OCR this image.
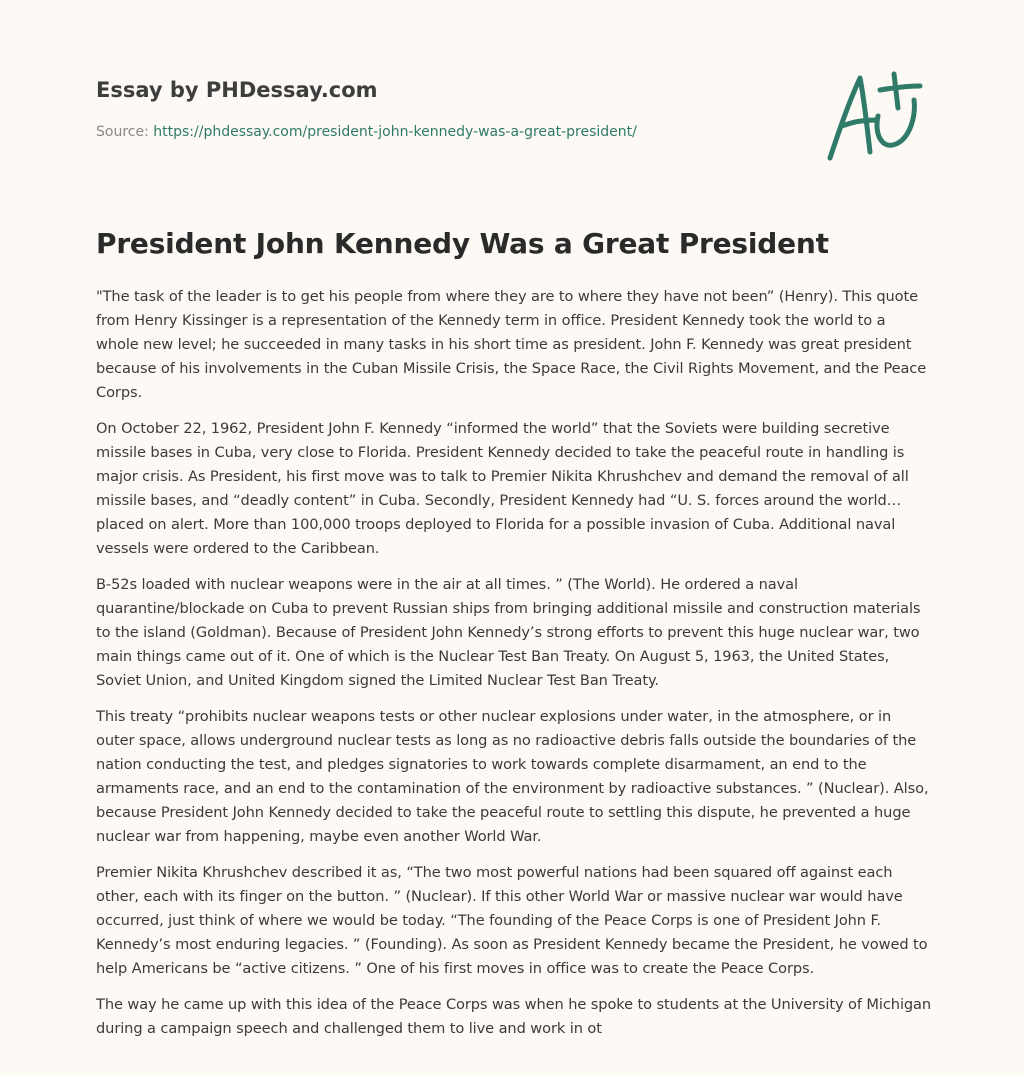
Essay by PHDessay.com
Source: https://phdessay.com/president-john-kennedy-was-a-great-president/
President John Kennedy Was a Great President

"The task of the leader is to get his people from where they are to where they have not been” (Henry). This quote from Henry Kissinger is a representation of the Kennedy term in office. President Kennedy took the world to a whole new level; he succeeded in many tasks in his short time as president. John F. Kennedy was great president because of his involvements in the Cuban Missile Crisis, the Space Race, the Civil Rights Movement, and the Peace Corps.

On October 22, 1962, President John F. Kennedy “informed the world” that the Soviets were building secretive missile bases in Cuba, very close to Florida. President Kennedy decided to take the peaceful route in handling is major crisis. As President, his first move was to talk to Premier Nikita Khrushchev and demand the removal of all missile bases, and “deadly content” in Cuba. Secondly, President Kennedy had “U. S. forces around the world… placed on alert. More than 100,000 troops deployed to Florida for a possible invasion of Cuba. Additional naval vessels were ordered to the Caribbean.

B-52s loaded with nuclear weapons were in the air at all times. ” (The World). He ordered a naval quarantine/blockade on Cuba to prevent Russian ships from bringing additional missile and construction materials to the island (Goldman). Because of President John Kennedy’s strong efforts to prevent this huge nuclear war, two main things came out of it. One of which is the Nuclear Test Ban Treaty. On August 5, 1963, the United States, Soviet Union, and United Kingdom signed the Limited Nuclear Test Ban Treaty.

This treaty “prohibits nuclear weapons tests or other nuclear explosions under water, in the atmosphere, or in outer space, allows underground nuclear tests as long as no radioactive debris falls outside the boundaries of the nation conducting the test, and pledges signatories to work towards complete disarmament, an end to the armaments race, and an end to the contamination of the environment by radioactive substances. ” (Nuclear). Also, because President John Kennedy decided to take the peaceful route to settling this dispute, he prevented a huge nuclear war from happening, maybe even another World War.

Premier Nikita Khrushchev described it as, “The two most powerful nations had been squared off against each other, each with its finger on the button. ” (Nuclear). If this other World War or massive nuclear war would have occurred, just think of where we would be today. “The founding of the Peace Corps is one of President John F. Kennedy’s most enduring legacies. ” (Founding). As soon as President Kennedy became the President, he vowed to help Americans be “active citizens. ” One of his first moves in office was to create the Peace Corps.

The way he came up with this idea of the Peace Corps was when he spoke to students at the University of Michigan during a campaign speech and challenged them to live and work in ot
